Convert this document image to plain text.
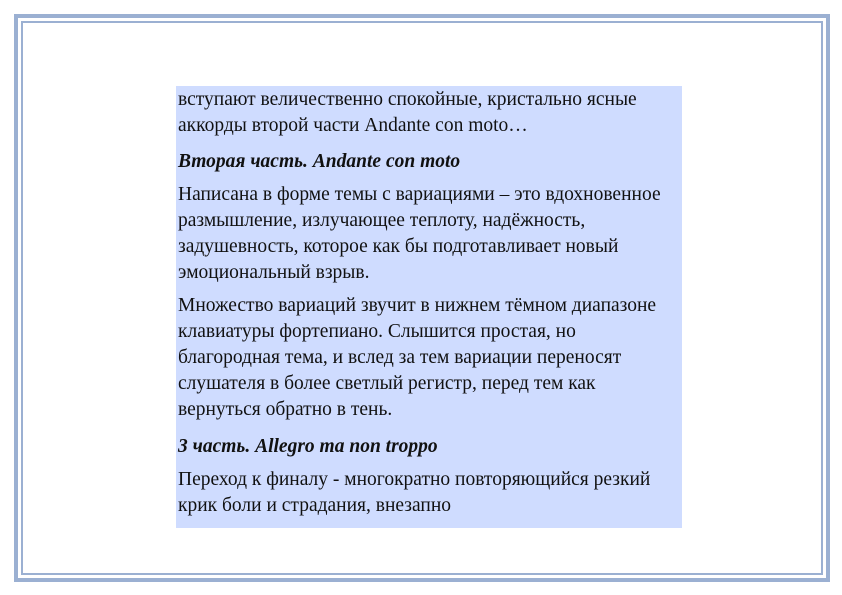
вступают величественно спокойные, кристально ясные аккорды второй части Andante con moto…

Вторая часть. Andante con moto

Написана в форме темы с вариациями – это вдохновенное размышление, излучающее теплоту, надёжность, задушевность, которое как бы подготавливает новый эмоциональный взрыв.

Множество вариаций звучит в нижнем тёмном диапазоне клавиатуры фортепиано. Слышится простая, но благородная тема, и вслед за тем вариации переносят слушателя в более светлый регистр, перед тем как вернуться обратно в тень.

3 часть. Allegro ma non troppo

Переход к финалу - многократно повторяющийся резкий крик боли и страдания, внезапно
